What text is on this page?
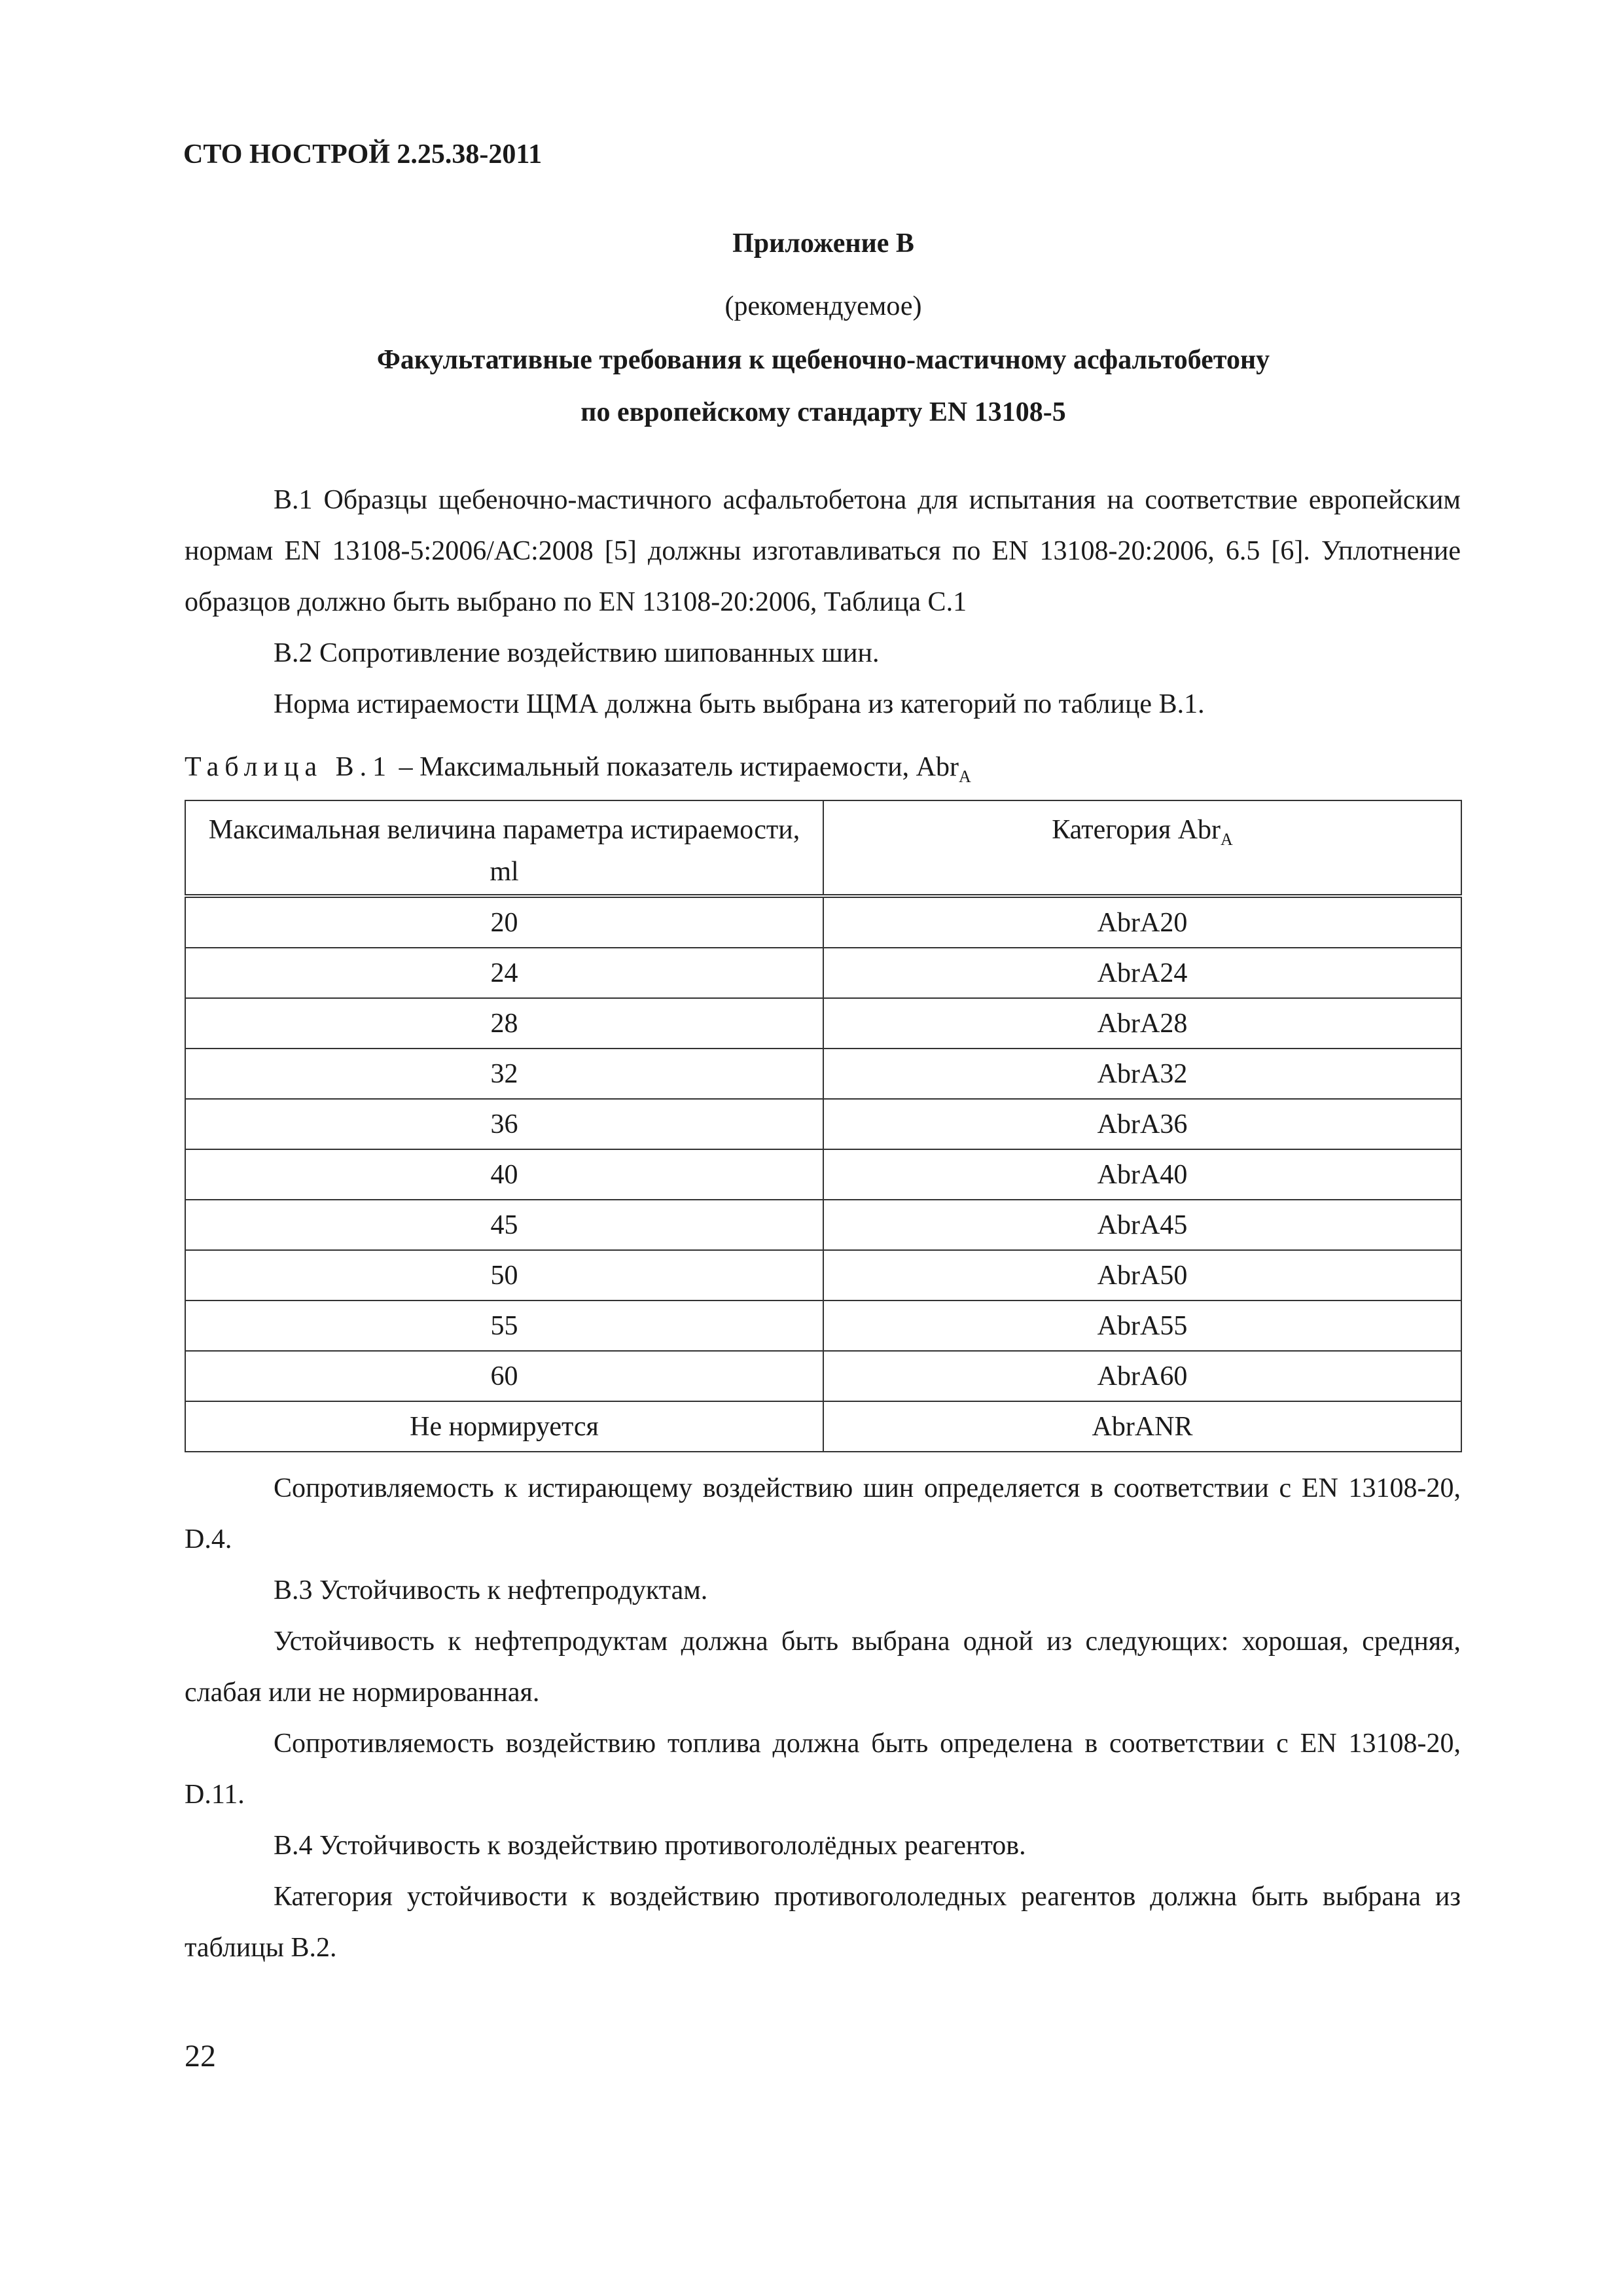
СТО НОСТРОЙ 2.25.38-2011
Приложение В
(рекомендуемое)
Факультативные требования к щебеночно-мастичному асфальтобетону
по европейскому стандарту EN 13108-5
В.1 Образцы щебеночно-мастичного асфальтобетона для испытания на соответствие европейским нормам EN 13108-5:2006/АС:2008 [5] должны изготавливаться по EN 13108-20:2006, 6.5 [6]. Уплотнение образцов должно быть выбрано по EN 13108-20:2006, Таблица С.1
В.2 Сопротивление воздействию шипованных шин.
Норма истираемости ЩМА должна быть выбрана из категорий по таблице В.1.
Таблица В.1 – Максимальный показатель истираемости, Abr$_A$
Максимальная величина параметра истираемости, ml	Категория Abr$_A$
20	AbrA20
24	AbrA24
28	AbrA28
32	AbrA32
36	AbrA36
40	AbrA40
45	AbrA45
50	AbrA50
55	AbrA55
60	AbrA60
Не нормируется	AbrANR
Сопротивляемость к истирающему воздействию шин определяется в соответствии с EN 13108-20, D.4.
В.3 Устойчивость к нефтепродуктам.
Устойчивость к нефтепродуктам должна быть выбрана одной из следующих: хорошая, средняя, слабая или не нормированная.
Сопротивляемость воздействию топлива должна быть определена в соответствии с EN 13108-20, D.11.
В.4 Устойчивость к воздействию противогололёдных реагентов.
Категория устойчивости к воздействию противогололедных реагентов должна быть выбрана из таблицы В.2.
22
